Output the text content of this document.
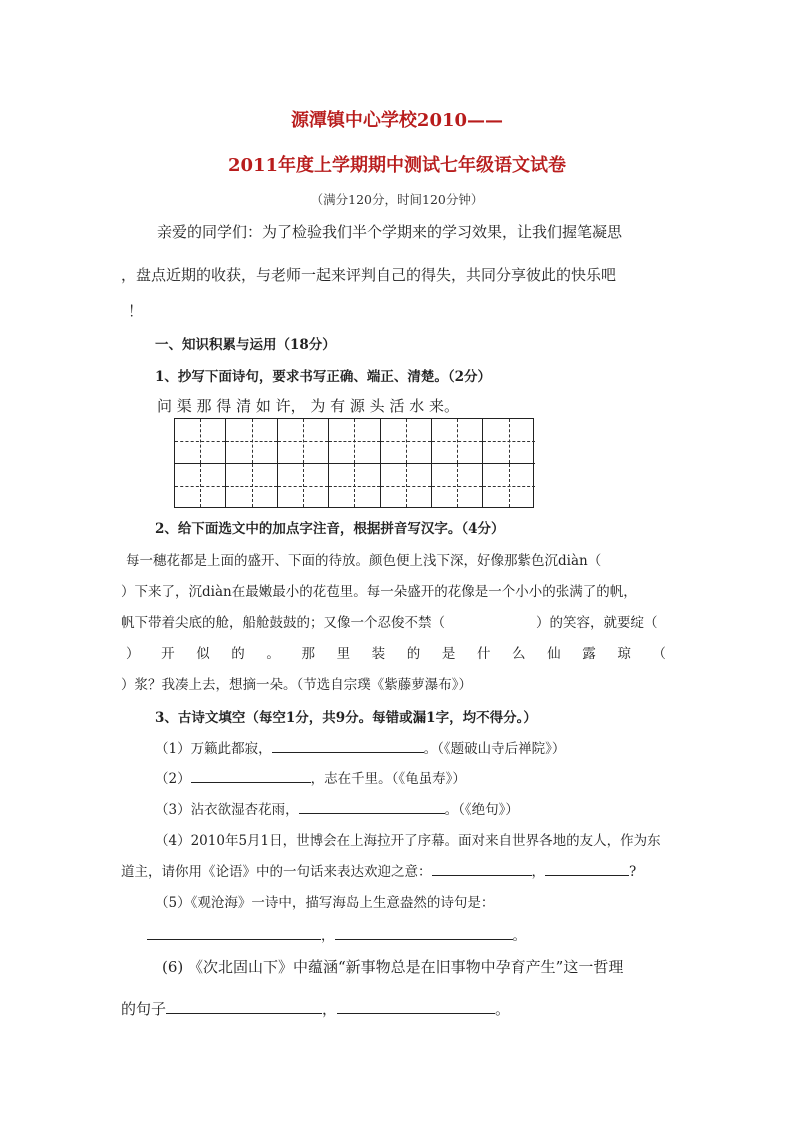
源潭镇中心学校2010——
2011年度上学期期中测试七年级语文试卷
（满分120分，时间120分钟）
亲爱的同学们：为了检验我们半个学期来的学习效果，让我们握笔凝思
，盘点近期的收获，与老师一起来评判自己的得失，共同分享彼此的快乐吧
！
一、知识积累与运用（18分）
1、抄写下面诗句，要求书写正确、端正、清楚。（2分）
问 渠 那 得 清 如 许， 为 有 源 头 活 水 来。
2、给下面选文中的加点字注音，根据拼音写汉字。（4分）
每一穗花都是上面的盛开、下面的待放。颜色便上浅下深，好像那紫色沉diàn（
）下来了，沉diàn在最嫩最小的花苞里。每一朵盛开的花像是一个小小的张满了的帆，
帆下带着尖底的舱，船舱鼓鼓的；又像一个忍俊不禁（	）的笑容，就要绽（
） 开 似 的 。 那 里 装 的 是 什 么 仙 露 琼 （
）浆？我凑上去，想摘一朵。（节选自宗璞《紫藤萝瀑布》）
3、古诗文填空（每空1分，共9分。每错或漏1字，均不得分。）
（1）万籁此都寂，	。（《题破山寺后禅院》）
（2）	，志在千里。（《龟虽寿》）
（3）沾衣欲湿杏花雨，	。（《绝句》）
（4）2010年5月1日，世博会在上海拉开了序幕。面对来自世界各地的友人，作为东
道主，请你用《论语》中的一句话来表达欢迎之意：	，	?
（5）《观沧海》一诗中，描写海岛上生意盎然的诗句是：
，	。
(6) 《次北固山下》中蕴涵“新事物总是在旧事物中孕育产生”这一哲理
的句子	，	。
